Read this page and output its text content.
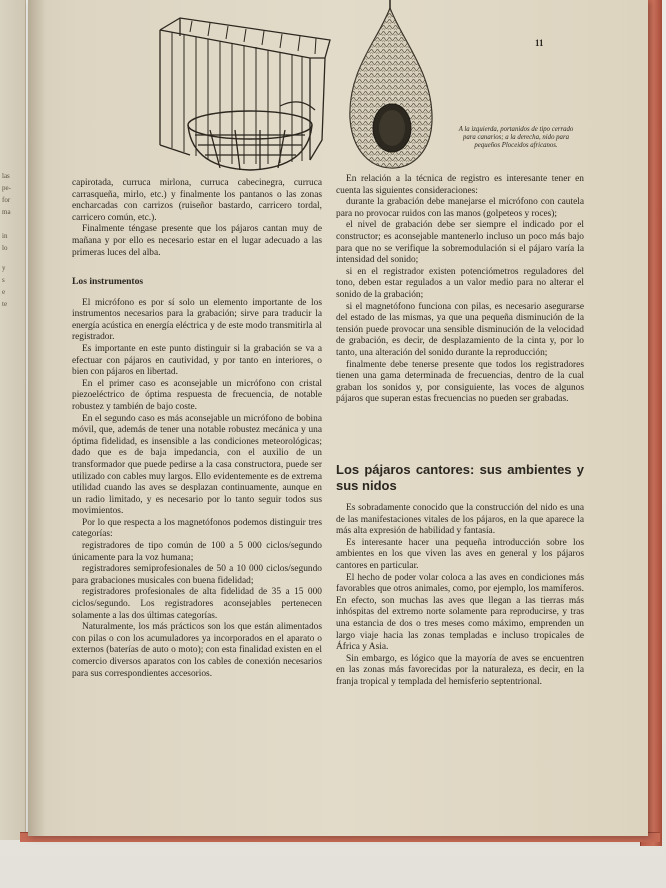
las
pe-
for
ma
in
lo
y
s
e
te
11
A la izquierda, portanidos de tipo cerrado para canarios; a la derecha, nido para pequeños Ploceidos africanos.

capirotada, curruca mirlona, curruca cabecinegra, curruca carrasqueña, mirlo, etc.) y finalmente los pantanos o las zonas encharcadas con carrizos (ruiseñor bastardo, carricero tordal, carricero común, etc.).

Finalmente téngase presente que los pájaros cantan muy de mañana y por ello es necesario estar en el lugar adecuado a las primeras luces del alba.

Los instrumentos

El micrófono es por sí solo un elemento importante de los instrumentos necesarios para la grabación; sirve para traducir la energía acústica en energía eléctrica y de este modo transmitirla al registrador.

Es importante en este punto distinguir si la grabación se va a efectuar con pájaros en cautividad, y por tanto en interiores, o bien con pájaros en libertad.

En el primer caso es aconsejable un micrófono con cristal piezoeléctrico de óptima respuesta de frecuencia, de notable robustez y también de bajo coste.

En el segundo caso es más aconsejable un micrófono de bobina móvil, que, además de tener una notable robustez mecánica y una óptima fidelidad, es insensible a las condiciones meteorológicas; dado que es de baja impedancia, con el auxilio de un transformador que puede pedirse a la casa constructora, puede ser utilizado con cables muy largos. Ello evidentemente es de extrema utilidad cuando las aves se desplazan continuamente, aunque en un radio limitado, y es necesario por lo tanto seguir todos sus movimientos.

Por lo que respecta a los magnetófonos podemos distinguir tres categorías:

registradores de tipo común de 100 a 5 000 ciclos/segundo únicamente para la voz humana;

registradores semiprofesionales de 50 a 10 000 ciclos/segundo para grabaciones musicales con buena fidelidad;

registradores profesionales de alta fidelidad de 35 a 15 000 ciclos/segundo. Los registradores aconsejables pertenecen solamente a las dos últimas categorías.

Naturalmente, los más prácticos son los que están alimentados con pilas o con los acumuladores ya incorporados en el aparato o externos (baterías de auto o moto); con esta finalidad existen en el comercio diversos aparatos con los cables de conexión necesarios para sus correspondientes accesorios.

En relación a la técnica de registro es interesante tener en cuenta las siguientes consideraciones:

durante la grabación debe manejarse el micrófono con cautela para no provocar ruidos con las manos (golpeteos y roces);

el nivel de grabación debe ser siempre el indicado por el constructor; es aconsejable mantenerlo incluso un poco más bajo para que no se verifique la sobremodulación si el pájaro varía la intensidad del sonido;

si en el registrador existen potenciómetros reguladores del tono, deben estar regulados a un valor medio para no alterar el sonido de la grabación;

si el magnetófono funciona con pilas, es necesario asegurarse del estado de las mismas, ya que una pequeña disminución de la tensión puede provocar una sensible disminución de la velocidad de grabación, es decir, de desplazamiento de la cinta y, por lo tanto, una alteración del sonido durante la reproducción;

finalmente debe tenerse presente que todos los registradores tienen una gama determinada de frecuencias, dentro de la cual graban los sonidos y, por consiguiente, las voces de algunos pájaros que superan estas frecuencias no pueden ser grabadas.

Los pájaros cantores: sus ambientes y sus nidos

Es sobradamente conocido que la construcción del nido es una de las manifestaciones vitales de los pájaros, en la que aparece la más alta expresión de habilidad y fantasía.

Es interesante hacer una pequeña introducción sobre los ambientes en los que viven las aves en general y los pájaros cantores en particular.

El hecho de poder volar coloca a las aves en condiciones más favorables que otros animales, como, por ejemplo, los mamíferos. En efecto, son muchas las aves que llegan a las tierras más inhóspitas del extremo norte solamente para reproducirse, y tras una estancia de dos o tres meses como máximo, emprenden un largo viaje hacia las zonas templadas e incluso tropicales de África y Asia.

Sin embargo, es lógico que la mayoría de aves se encuentren en las zonas más favorecidas por la naturaleza, es decir, en la franja tropical y templada del hemisferio septentrional.
